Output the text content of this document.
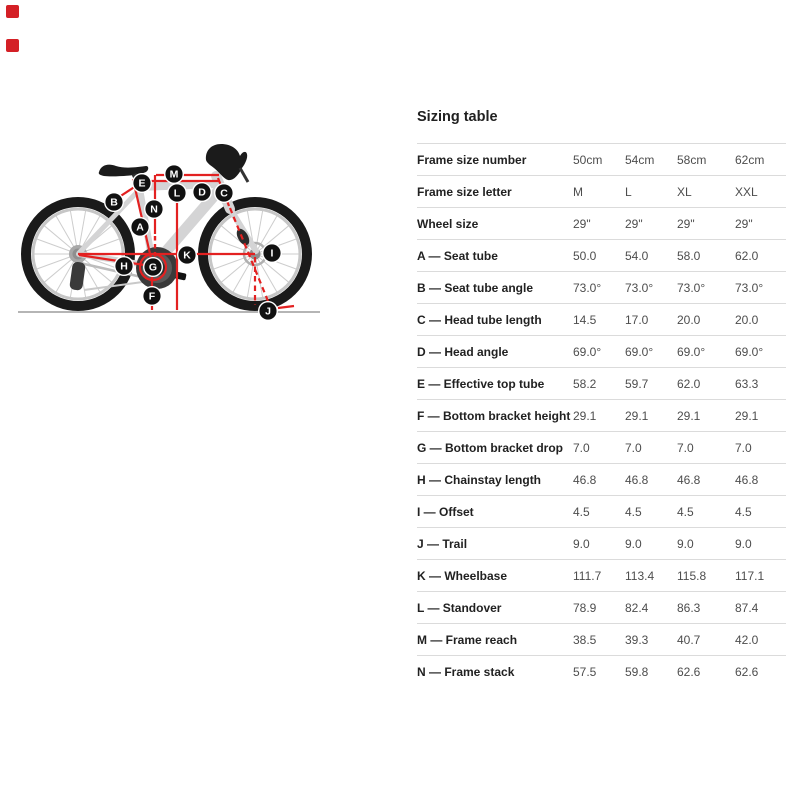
A
B
C
D
E
F
G
H
I
J
K
L
M
N
Sizing table
Frame size number	50cm	54cm	58cm	62cm
Frame size letter	M	L	XL	XXL
Wheel size	29"	29"	29"	29"
A — Seat tube	50.0	54.0	58.0	62.0
B — Seat tube angle	73.0°	73.0°	73.0°	73.0°
C — Head tube length	14.5	17.0	20.0	20.0
D — Head angle	69.0°	69.0°	69.0°	69.0°
E — Effective top tube	58.2	59.7	62.0	63.3
F — Bottom bracket height	29.1	29.1	29.1	29.1
G — Bottom bracket drop	7.0	7.0	7.0	7.0
H — Chainstay length	46.8	46.8	46.8	46.8
I — Offset	4.5	4.5	4.5	4.5
J — Trail	9.0	9.0	9.0	9.0
K — Wheelbase	111.7	113.4	115.8	117.1
L — Standover	78.9	82.4	86.3	87.4
M — Frame reach	38.5	39.3	40.7	42.0
N — Frame stack	57.5	59.8	62.6	62.6
